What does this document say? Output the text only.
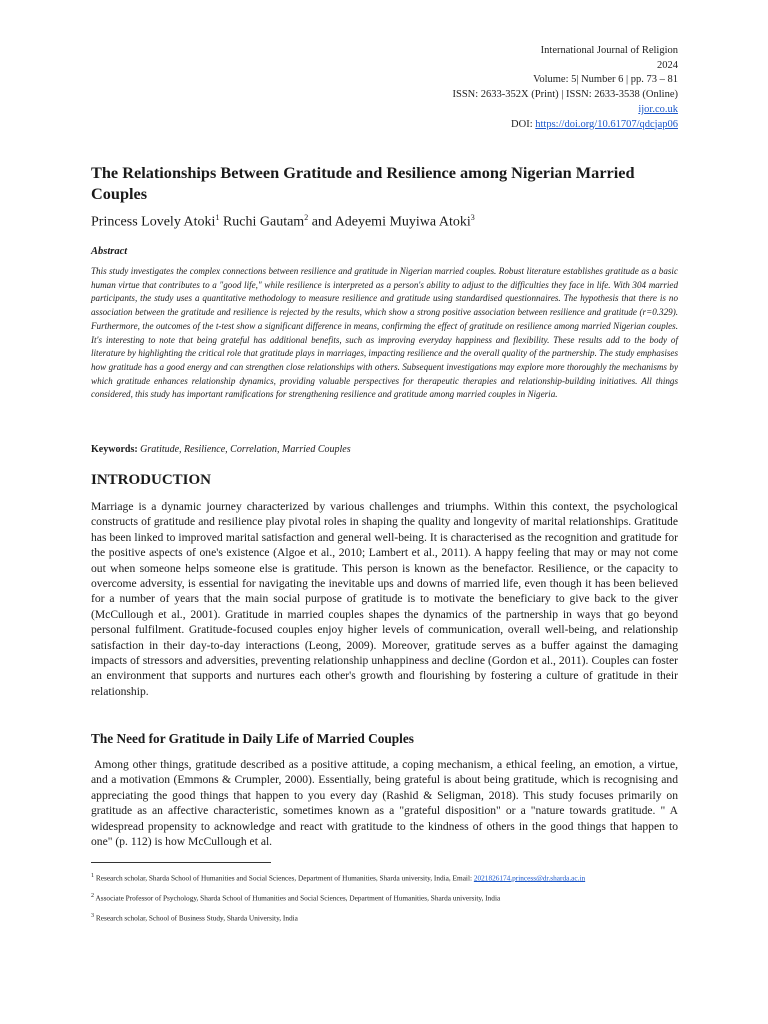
International Journal of Religion
2024
Volume: 5| Number 6 | pp. 73 – 81
ISSN: 2633-352X (Print) | ISSN: 2633-3538 (Online)
ijor.co.uk
DOI: https://doi.org/10.61707/qdcjap06
The Relationships Between Gratitude and Resilience among Nigerian Married Couples
Princess Lovely Atoki$^1$ Ruchi Gautam$^2$ and Adeyemi Muyiwa Atoki$^3$
Abstract

This study investigates the complex connections between resilience and gratitude in Nigerian married couples. Robust literature establishes gratitude as a basic human virtue that contributes to a "good life," while resilience is interpreted as a person's ability to adjust to the difficulties they face in life. With 304 married participants, the study uses a quantitative methodology to measure resilience and gratitude using standardised questionnaires. The hypothesis that there is no association between the gratitude and resilience is rejected by the results, which show a strong positive association between resilience and gratitude (r=0.329). Furthermore, the outcomes of the t-test show a significant difference in means, confirming the effect of gratitude on resilience among married Nigerian couples. It's interesting to note that being grateful has additional benefits, such as improving everyday happiness and flexibility. These results add to the body of literature by highlighting the critical role that gratitude plays in marriages, impacting resilience and the overall quality of the partnership. The study emphasises how gratitude has a good energy and can strengthen close relationships with others. Subsequent investigations may explore more thoroughly the mechanisms by which gratitude enhances relationship dynamics, providing valuable perspectives for therapeutic therapies and relationship-building initiatives. All things considered, this study has important ramifications for strengthening resilience and gratitude among married couples in Nigeria.

Keywords: Gratitude, Resilience, Correlation, Married Couples
INTRODUCTION

Marriage is a dynamic journey characterized by various challenges and triumphs. Within this context, the psychological constructs of gratitude and resilience play pivotal roles in shaping the quality and longevity of marital relationships. Gratitude has been linked to improved marital satisfaction and general well-being. It is characterised as the recognition and gratitude for the positive aspects of one's existence (Algoe et al., 2010; Lambert et al., 2011). A happy feeling that may or may not come out when someone helps someone else is gratitude. This person is known as the benefactor. Resilience, or the capacity to overcome adversity, is essential for navigating the inevitable ups and downs of married life, even though it has been believed for a number of years that the main social purpose of gratitude is to motivate the beneficiary to give back to the giver (McCullough et al., 2001). Gratitude in married couples shapes the dynamics of the partnership in ways that go beyond personal fulfilment. Gratitude-focused couples enjoy higher levels of communication, overall well-being, and relationship satisfaction in their day-to-day interactions (Leong, 2009). Moreover, gratitude serves as a buffer against the damaging impacts of stressors and adversities, preventing relationship unhappiness and decline (Gordon et al., 2011). Couples can foster an environment that supports and nurtures each other's growth and flourishing by fostering a culture of gratitude in their relationship.

The Need for Gratitude in Daily Life of Married Couples

Among other things, gratitude described as a positive attitude, a coping mechanism, a ethical feeling, an emotion, a virtue, and a motivation (Emmons & Crumpler, 2000). Essentially, being grateful is about being gratitude, which is recognising and appreciating the good things that happen to you every day (Rashid & Seligman, 2018). This study focuses primarily on gratitude as an affective characteristic, sometimes known as a "grateful disposition" or a "nature towards gratitude. " A widespread propensity to acknowledge and react with gratitude to the kindness of others in the good things that happen to one" (p. 112) is how McCullough et al.

$^1$ Research scholar, Sharda School of Humanities and Social Sciences, Department of Humanities, Sharda university, India, Email: 2021826174.princess@dr.sharda.ac.in

$^2$ Associate Professor of Psychology, Sharda School of Humanities and Social Sciences, Department of Humanities, Sharda university, India

$^3$ Research scholar, School of Business Study, Sharda University, India
